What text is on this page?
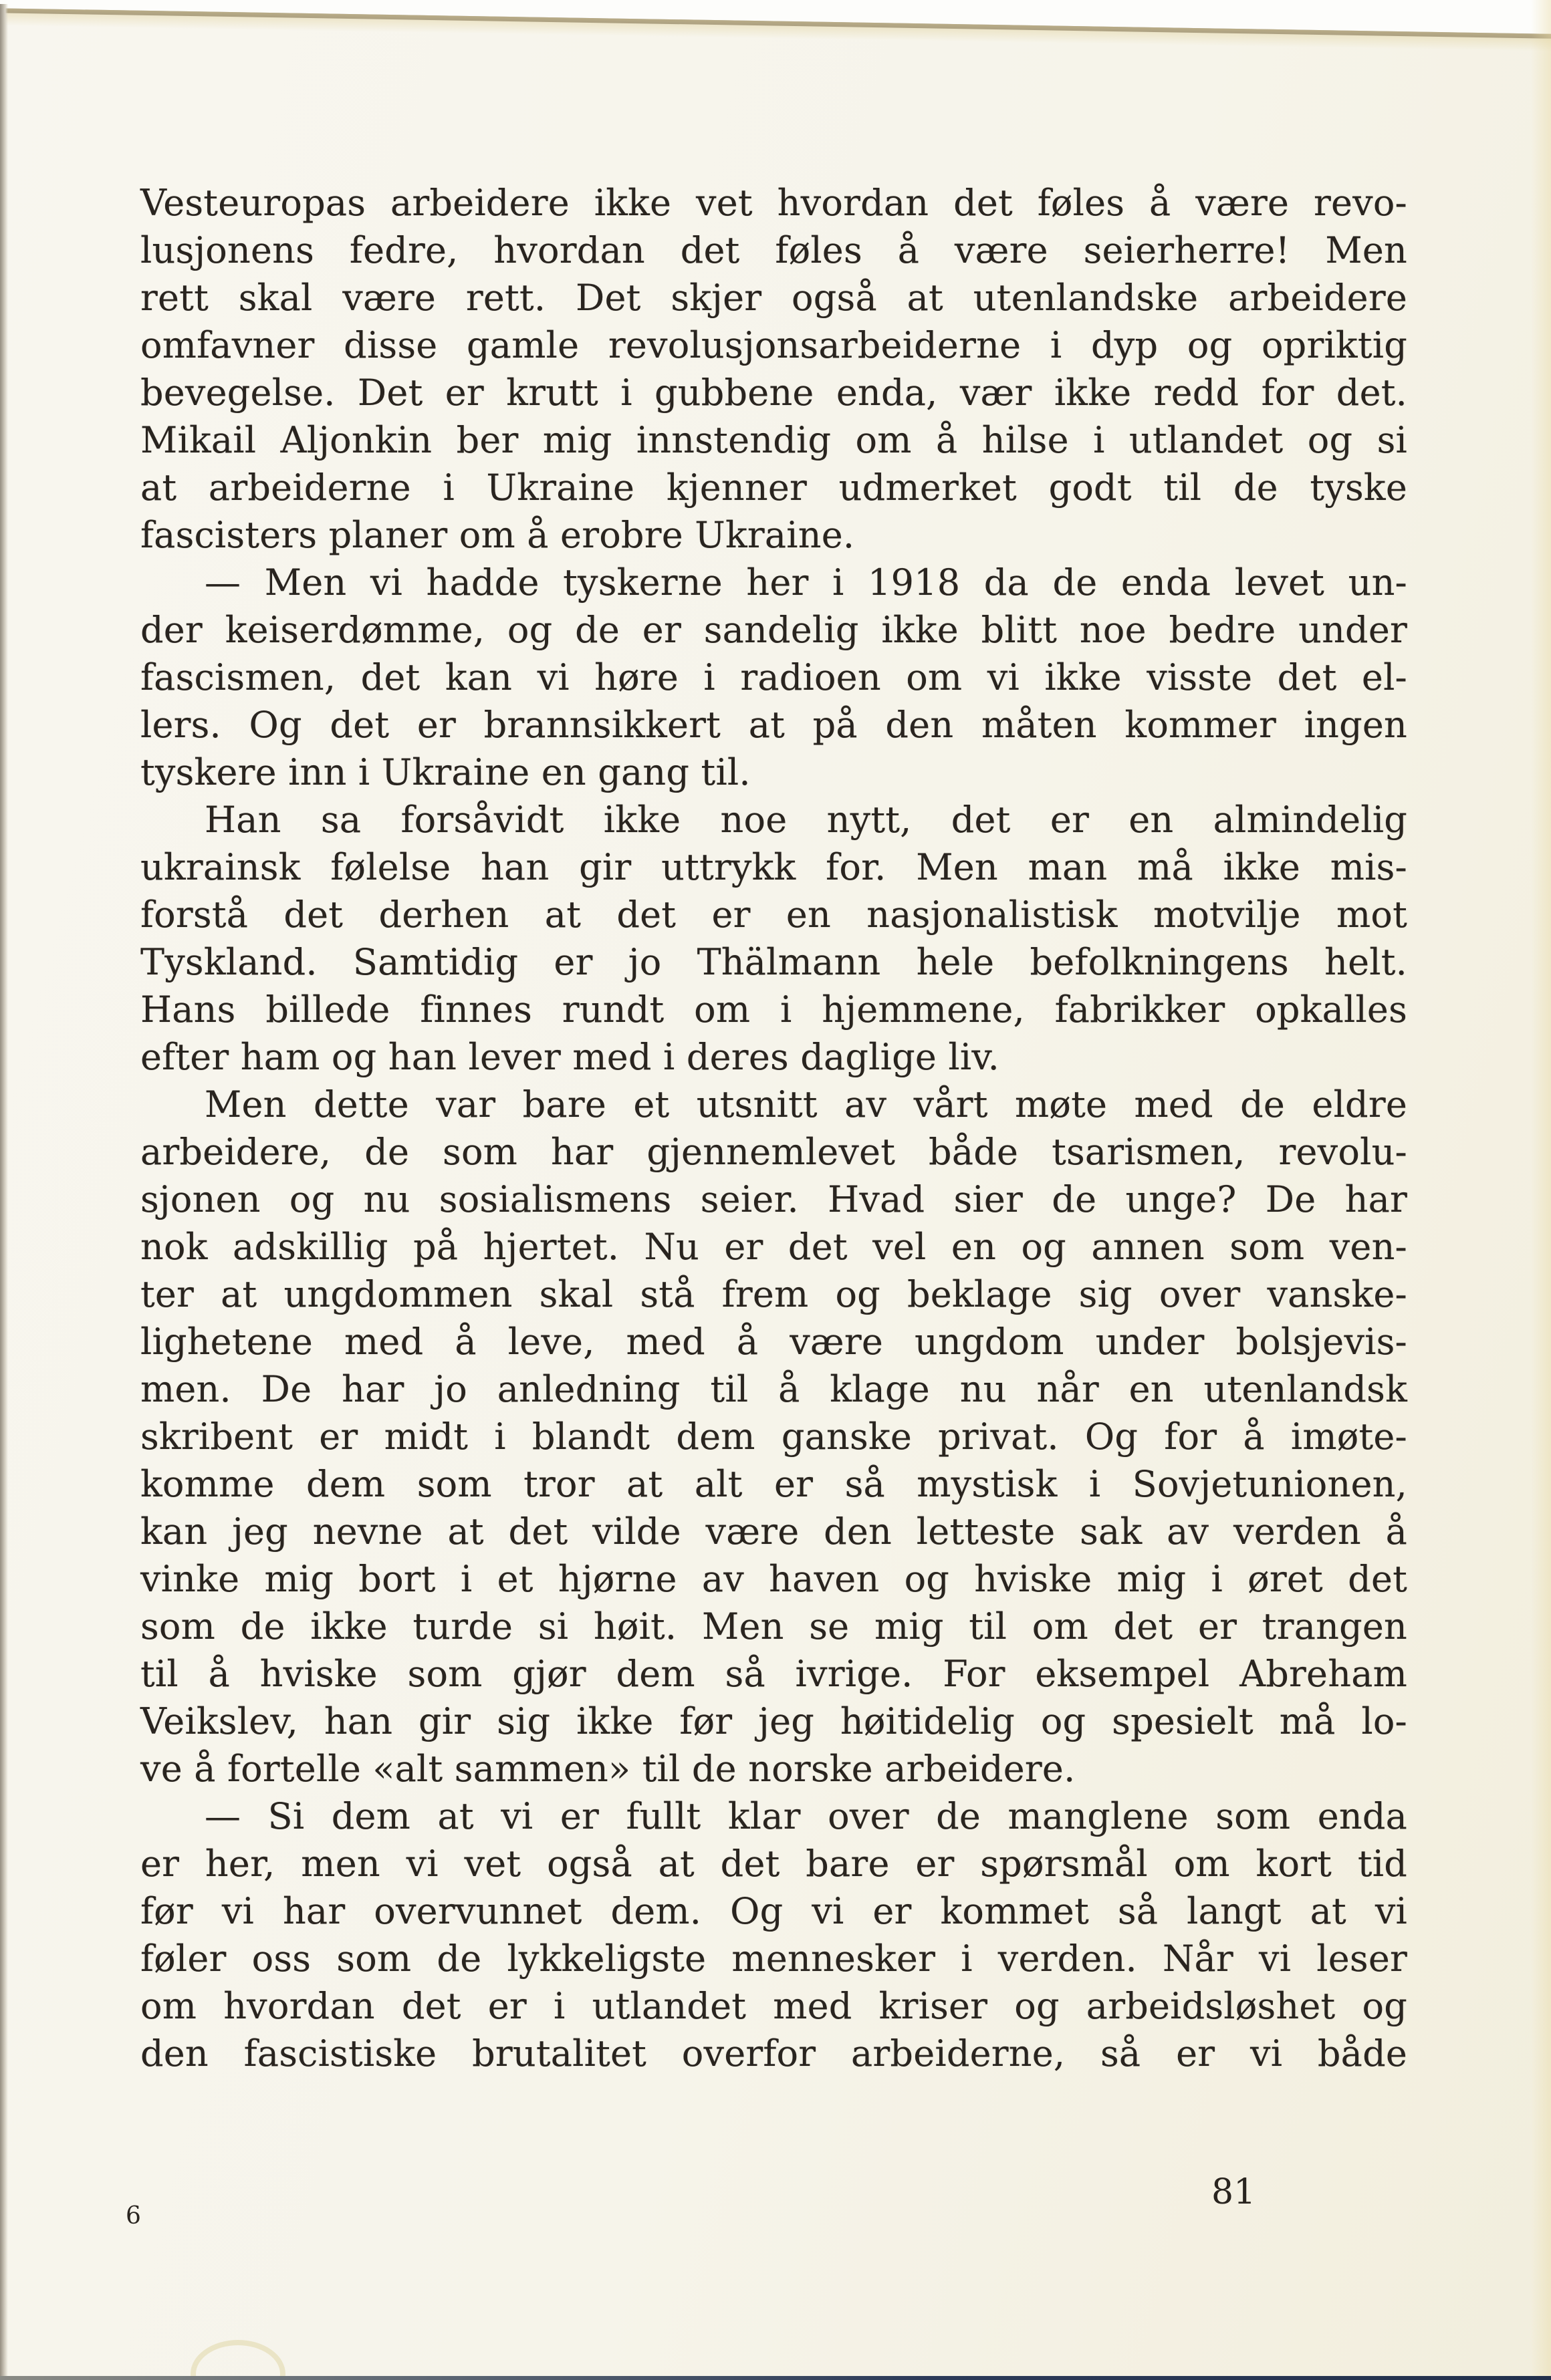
Vesteuropas arbeidere ikke vet hvordan det føles å være revo-
lusjonens fedre, hvordan det føles å være seierherre! Men
rett skal være rett. Det skjer også at utenlandske arbeidere
omfavner disse gamle revolusjonsarbeiderne i dyp og opriktig
bevegelse. Det er krutt i gubbene enda, vær ikke redd for det.
Mikail Aljonkin ber mig innstendig om å hilse i utlandet og si
at arbeiderne i Ukraine kjenner udmerket godt til de tyske
fascisters planer om å erobre Ukraine.
— Men vi hadde tyskerne her i 1918 da de enda levet un-
der keiserdømme, og de er sandelig ikke blitt noe bedre under
fascismen, det kan vi høre i radioen om vi ikke visste det el-
lers. Og det er brannsikkert at på den måten kommer ingen
tyskere inn i Ukraine en gang til.
Han sa forsåvidt ikke noe nytt, det er en almindelig
ukrainsk følelse han gir uttrykk for. Men man må ikke mis-
forstå det derhen at det er en nasjonalistisk motvilje mot
Tyskland. Samtidig er jo Thälmann hele befolkningens helt.
Hans billede finnes rundt om i hjemmene, fabrikker opkalles
efter ham og han lever med i deres daglige liv.
Men dette var bare et utsnitt av vårt møte med de eldre
arbeidere, de som har gjennemlevet både tsarismen, revolu-
sjonen og nu sosialismens seier. Hvad sier de unge? De har
nok adskillig på hjertet. Nu er det vel en og annen som ven-
ter at ungdommen skal stå frem og beklage sig over vanske-
lighetene med å leve, med å være ungdom under bolsjevis-
men. De har jo anledning til å klage nu når en utenlandsk
skribent er midt i blandt dem ganske privat. Og for å imøte-
komme dem som tror at alt er så mystisk i Sovjetunionen,
kan jeg nevne at det vilde være den letteste sak av verden å
vinke mig bort i et hjørne av haven og hviske mig i øret det
som de ikke turde si høit. Men se mig til om det er trangen
til å hviske som gjør dem så ivrige. For eksempel Abreham
Veikslev, han gir sig ikke før jeg høitidelig og spesielt må lo-
ve å fortelle «alt sammen» til de norske arbeidere.
— Si dem at vi er fullt klar over de manglene som enda
er her, men vi vet også at det bare er spørsmål om kort tid
før vi har overvunnet dem. Og vi er kommet så langt at vi
føler oss som de lykkeligste mennesker i verden. Når vi leser
om hvordan det er i utlandet med kriser og arbeidsløshet og
den fascistiske brutalitet overfor arbeiderne, så er vi både
6
81
